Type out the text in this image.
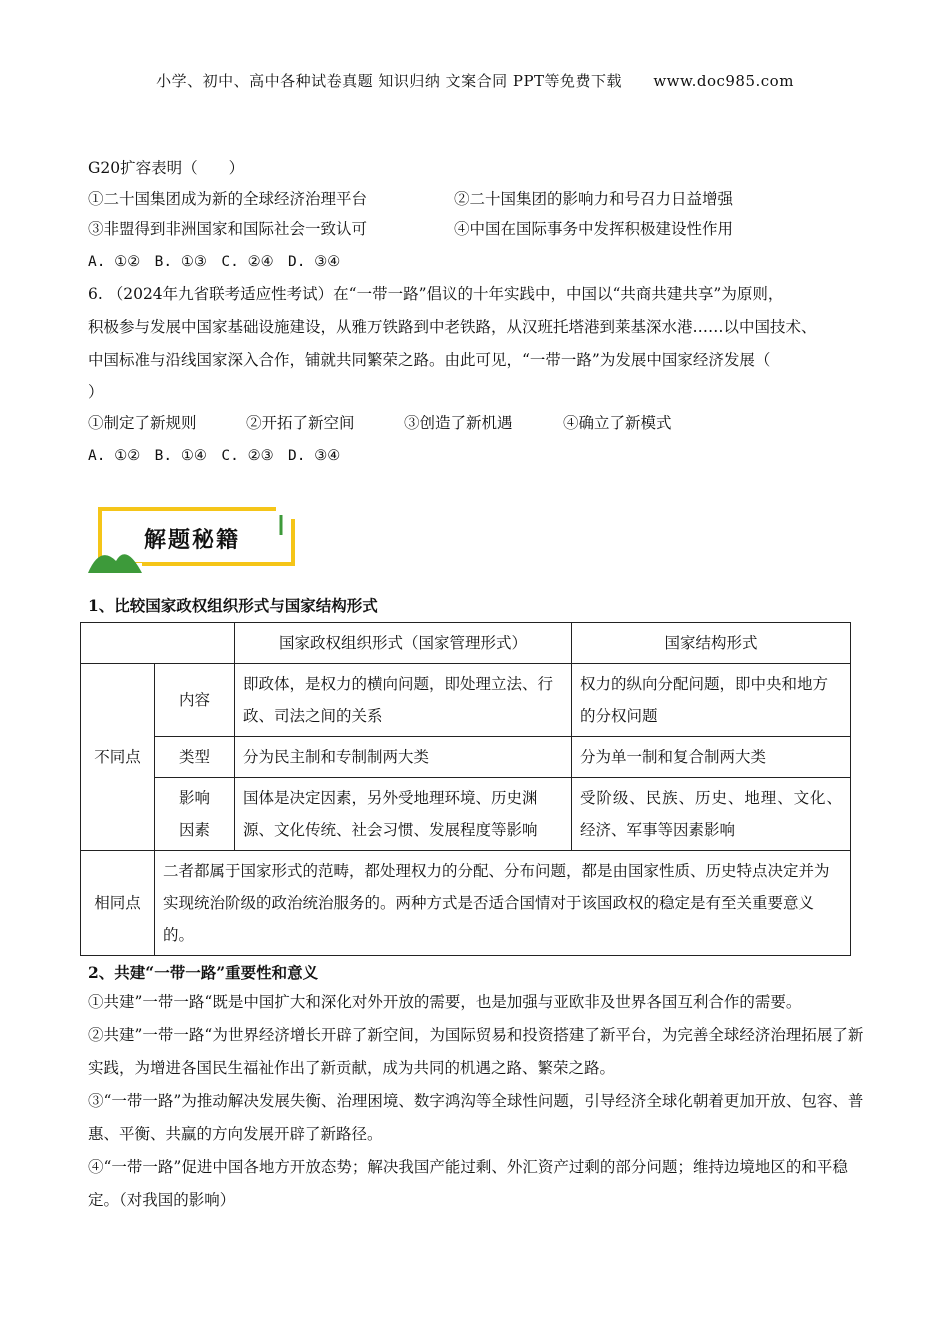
小学、初中、高中各种试卷真题 知识归纳 文案合同 PPT等免费下载 www.doc985.com
G20扩容表明（　　）
①二十国集团成为新的全球经济治理平台	②二十国集团的影响力和号召力日益增强
③非盟得到非洲国家和国际社会一致认可	④中国在国际事务中发挥积极建设性作用
A. ①②　B. ①③　C. ②④　D. ③④
6. （2024年九省联考适应性考试）在“一带一路”倡议的十年实践中，中国以“共商共建共享”为原则，
积极参与发展中国家基础设施建设，从雅万铁路到中老铁路，从汉班托塔港到莱基深水港……以中国技术、
中国标准与沿线国家深入合作，铺就共同繁荣之路。由此可见，“一带一路”为发展中国家经济发展（
）
①制定了新规则	②开拓了新空间	③创造了新机遇	④确立了新模式
A. ①②　B. ①④　C. ②③　D. ③④
解题秘籍
1、比较国家政权组织形式与国家结构形式
		国家政权组织形式（国家管理形式）	国家结构形式
不同点	内容	即政体，是权力的横向问题，即处理立法、行政、司法之间的关系	权力的纵向分配问题，即中央和地方的分权问题
	类型	分为民主制和专制制两大类	分为单一制和复合制两大类
	影响因素	国体是决定因素，另外受地理环境、历史渊源、文化传统、社会习惯、发展程度等影响	受阶级、民族、历史、地理、文化、经济、军事等因素影响
相同点	二者都属于国家形式的范畴，都处理权力的分配、分布问题，都是由国家性质、历史特点决定并为实现统治阶级的政治统治服务的。两种方式是否适合国情对于该国政权的稳定是有至关重要意义的。		
2、共建“一带一路”重要性和意义
①共建”一带一路“既是中国扩大和深化对外开放的需要，也是加强与亚欧非及世界各国互利合作的需要。
②共建”一带一路“为世界经济增长开辟了新空间，为国际贸易和投资搭建了新平台，为完善全球经济治理拓展了新实践，为增进各国民生福祉作出了新贡献，成为共同的机遇之路、繁荣之路。
③“一带一路”为推动解决发展失衡、治理困境、数字鸿沟等全球性问题，引导经济全球化朝着更加开放、包容、普惠、平衡、共赢的方向发展开辟了新路径。
④“一带一路”促进中国各地方开放态势；解决我国产能过剩、外汇资产过剩的部分问题；维持边境地区的和平稳定。（对我国的影响）
